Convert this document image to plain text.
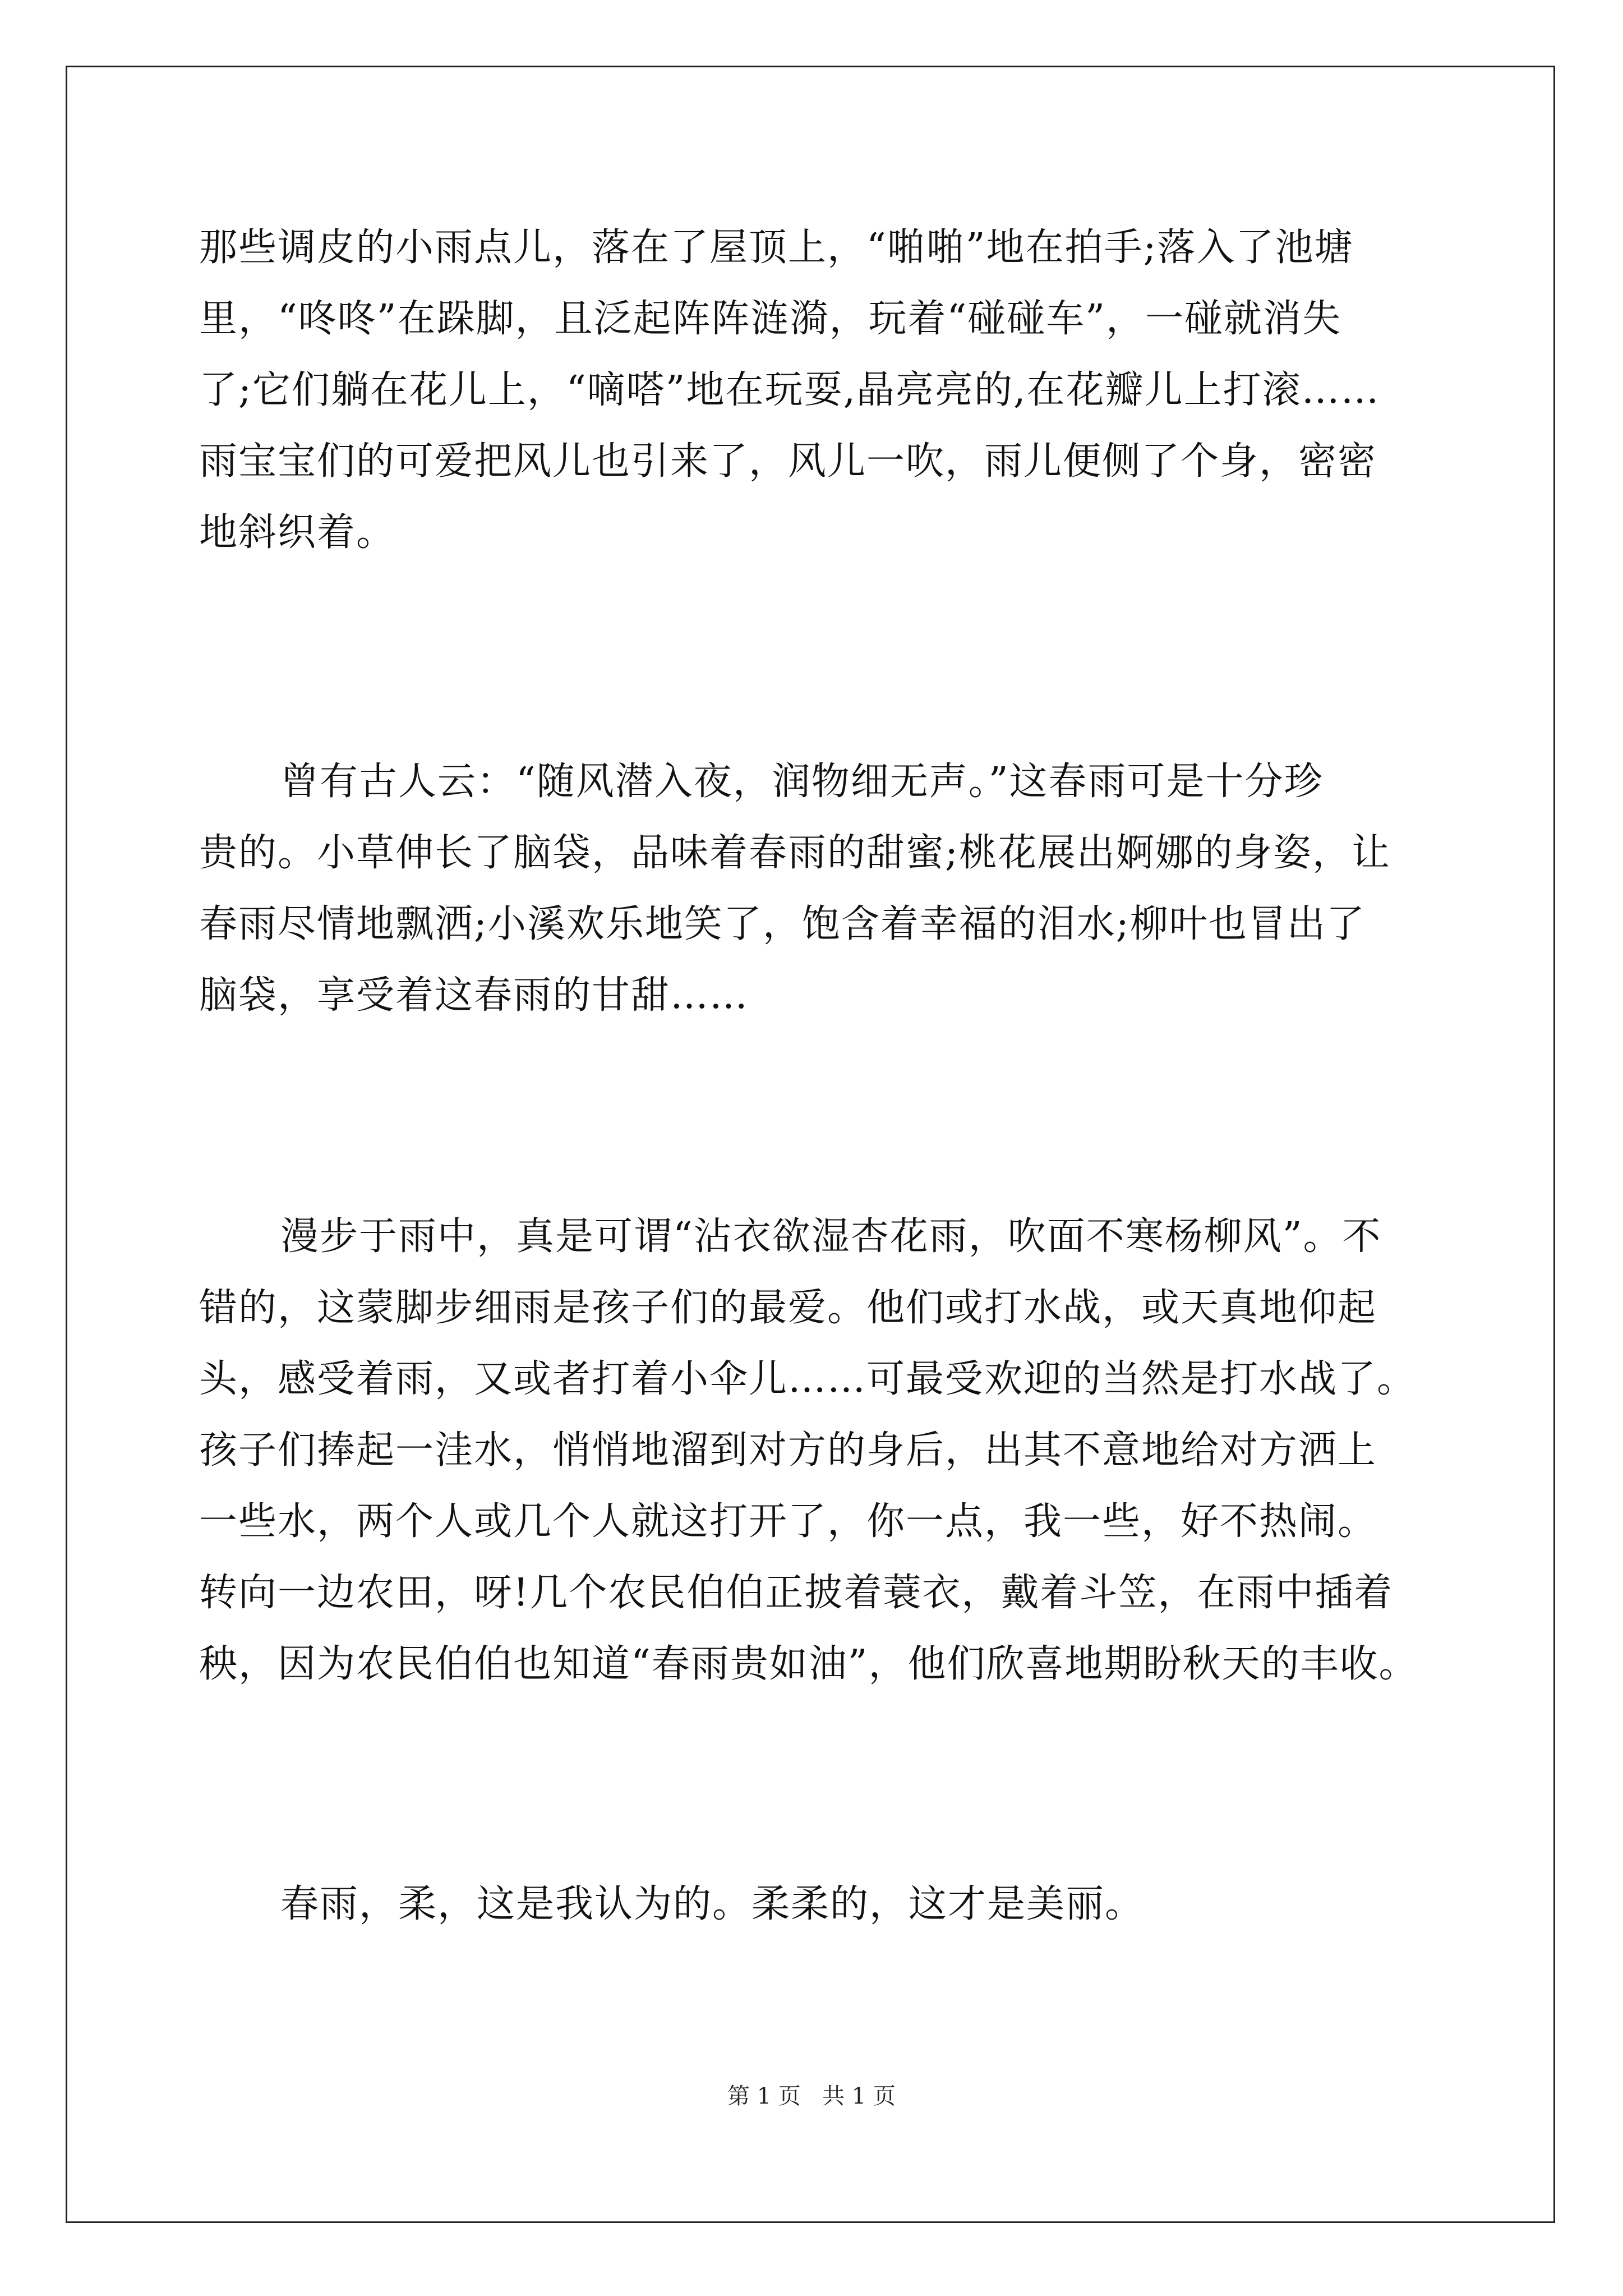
那些调皮的小雨点儿，落在了屋顶上，“啪啪”地在拍手;落入了池塘
里，“咚咚”在跺脚，且泛起阵阵涟漪，玩着“碰碰车”，一碰就消失
了;它们躺在花儿上，“嘀嗒”地在玩耍,晶亮亮的,在花瓣儿上打滚……
雨宝宝们的可爱把风儿也引来了，风儿一吹，雨儿便侧了个身，密密
地斜织着。
曾有古人云：“随风潜入夜，润物细无声。”这春雨可是十分珍
贵的。小草伸长了脑袋，品味着春雨的甜蜜;桃花展出婀娜的身姿，让
春雨尽情地飘洒;小溪欢乐地笑了，饱含着幸福的泪水;柳叶也冒出了
脑袋，享受着这春雨的甘甜……
漫步于雨中，真是可谓“沾衣欲湿杏花雨，吹面不寒杨柳风”。不
错的，这蒙脚步细雨是孩子们的最爱。他们或打水战，或天真地仰起
头，感受着雨，又或者打着小伞儿……可最受欢迎的当然是打水战了。
孩子们捧起一洼水，悄悄地溜到对方的身后，出其不意地给对方洒上
一些水，两个人或几个人就这打开了，你一点，我一些，好不热闹。
转向一边农田，呀!几个农民伯伯正披着蓑衣，戴着斗笠，在雨中插着
秧，因为农民伯伯也知道“春雨贵如油”，他们欣喜地期盼秋天的丰收。
春雨，柔，这是我认为的。柔柔的，这才是美丽。
第 1 页   共 1 页
